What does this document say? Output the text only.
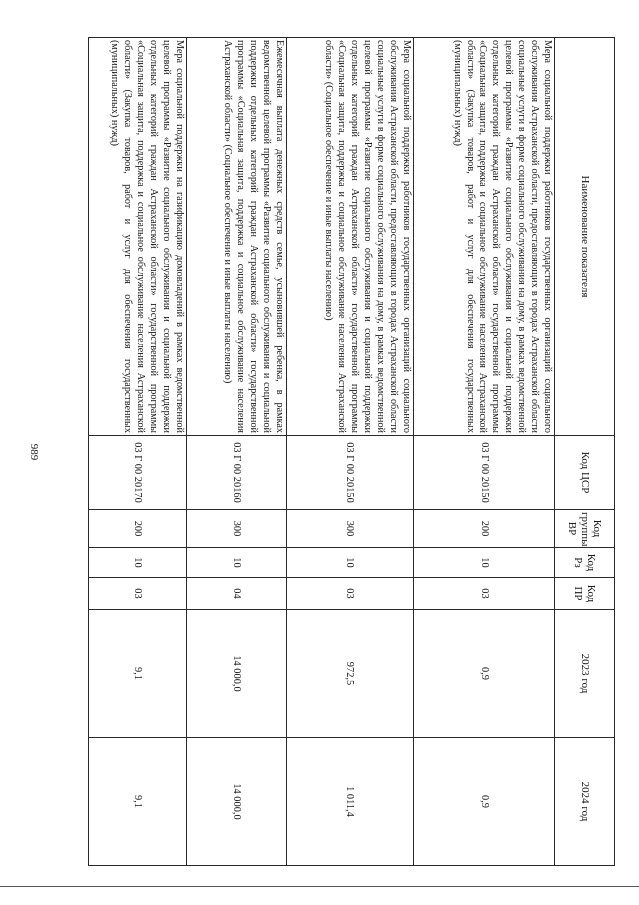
989
Наименование показателя	Код ЦСР	Код группы ВР	Код Рз	Код ПР	2023 год	2024 год
Мера социальной поддержки работников государственных организаций социального обслуживания Астраханской области, предоставляющих в городах Астраханской области социальные услуги в форме социального обслуживания на дому, в рамках ведомственной целевой программы «Развитие социального обслуживания и социальной поддержки отдельных категорий граждан Астраханской области» государственной программы «Социальная защита, поддержка и социальное обслуживание населения Астраханской области» (Закупка товаров, работ и услуг для обеспечения государственных (муниципальных) нужд)	03 Г 00 20150	200	10	03	0,9	0,9
Мера социальной поддержки работников государственных организаций социального обслуживания Астраханской области, предоставляющих в городах Астраханской области социальные услуги в форме социального обслуживания на дому, в рамках ведомственной целевой программы «Развитие социального обслуживания и социальной поддержки отдельных категорий граждан Астраханской области» государственной программы «Социальная защита, поддержка и социальное обслуживание населения Астраханской области» (Социальное обеспечение и иные выплаты населению)	03 Г 00 20150	300	10	03	972,5	1 011,4
Ежемесячная выплата денежных средств семье, усыновившей ребенка, в рамках ведомственной целевой программы «Развитие социального обслуживания и социальной поддержки отдельных категорий граждан Астраханской области» государственной программы «Социальная защита, поддержка и социальное обслуживание населения Астраханской области» (Социальное обеспечение и иные выплаты населению)	03 Г 00 20160	300	10	04	14 000,0	14 000,0
Мера социальной поддержки на газификацию домовладений в рамках ведомственной целевой программы «Развитие социального обслуживания и социальной поддержки отдельных категорий граждан Астраханской области» государственной программы «Социальная защита, поддержка и социальное обслуживание населения Астраханской области» (Закупка товаров, работ и услуг для обеспечения государственных (муниципальных) нужд)	03 Г 00 20170	200	10	03	9,1	9,1
